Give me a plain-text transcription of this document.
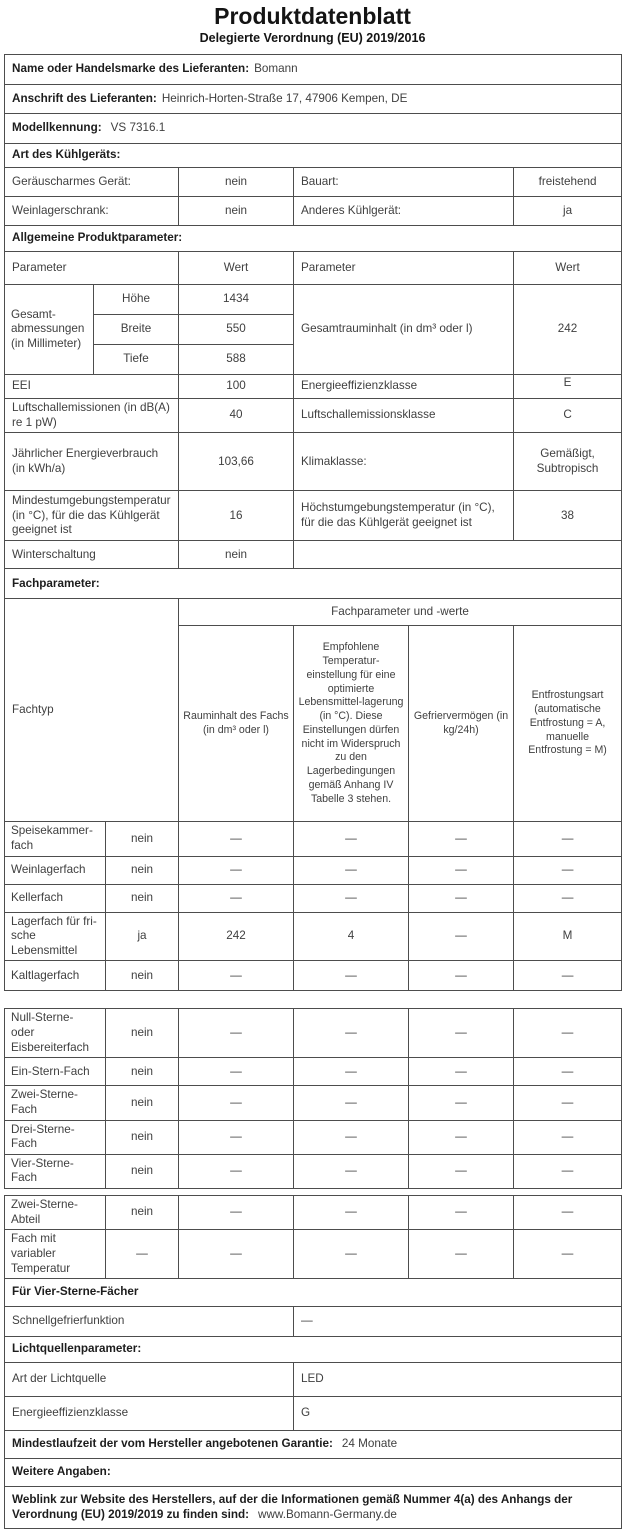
Produktdatenblatt
Delegierte Verordnung (EU) 2019/2016
Name oder Handelsmarke des Lieferanten: Bomann						
Anschrift des Lieferanten: Heinrich-Horten-Straße 17, 47906 Kempen, DE						
Modellkennung: VS 7316.1						
Art des Kühlgeräts:						
Geräuscharmes Gerät:			nein	Bauart:		freistehend
Weinlagerschrank:			nein	Anderes Kühlgerät:		ja
Allgemeine Produktparameter:						
Parameter			Wert	Parameter		Wert
Gesamt-abmessungen (in Millimeter)	Höhe		1434	Gesamtrauminhalt (in dm³ oder l)		242
	Breite		550			
	Tiefe		588			
EEI			100	Energieeffizienzklasse		E
Luftschallemissionen (in dB(A) re 1 pW)			40	Luftschallemissionsklasse		C
Jährlicher Energieverbrauch (in kWh/a)			103,66	Klimaklasse:		Gemäßigt, Subtropisch
Mindestumgebungstemperatur (in °C), für die das Kühlgerät geeignet ist			16	Höchstumgebungstemperatur (in °C), für die das Kühlgerät geeignet ist		38
Winterschaltung			nein			
Fachparameter:						
Fachtyp			Fachparameter und -werte			
			Rauminhalt des Fachs (in dm³ oder l)	Empfohlene Temperatur-einstellung für eine optimierte Lebensmittel-lagerung (in °C). Diese Einstellungen dürfen nicht im Widerspruch zu den Lagerbedingungen gemäß Anhang IV Tabelle 3 stehen.	Gefriervermögen (in kg/24h)	Entfrostungsart (automatische Entfrostung = A, manuelle Entfrostung = M)
Speisekammer-fach		nein	—	—	—	—
Weinlagerfach		nein	—	—	—	—
Kellerfach		nein	—	—	—	—
Lagerfach für fri-sche Lebensmittel		ja	242	4	—	M
Kaltlagerfach		nein	—	—	—	—
Null-Sterne- oder Eisbereiterfach	nein	—	—	—	—
Ein-Stern-Fach	nein	—	—	—	—
Zwei-Sterne-Fach	nein	—	—	—	—
Drei-Sterne-Fach	nein	—	—	—	—
Vier-Sterne-Fach	nein	—	—	—	—
Zwei-Sterne-Abteil	nein	—	—	—	—
Fach mit variabler Temperatur	—	—	—	—	—
Für Vier-Sterne-Fächer					
Schnellgefrierfunktion			—		
Lichtquellenparameter:					
Art der Lichtquelle			LED		
Energieeffizienzklasse			G		
Mindestlaufzeit der vom Hersteller angebotenen Garantie: 24 Monate					
Weitere Angaben:					
Weblink zur Website des Herstellers, auf der die Informationen gemäß Nummer 4(a) des Anhangs der Verordnung (EU) 2019/2019 zu finden sind: www.Bomann-Germany.de					
